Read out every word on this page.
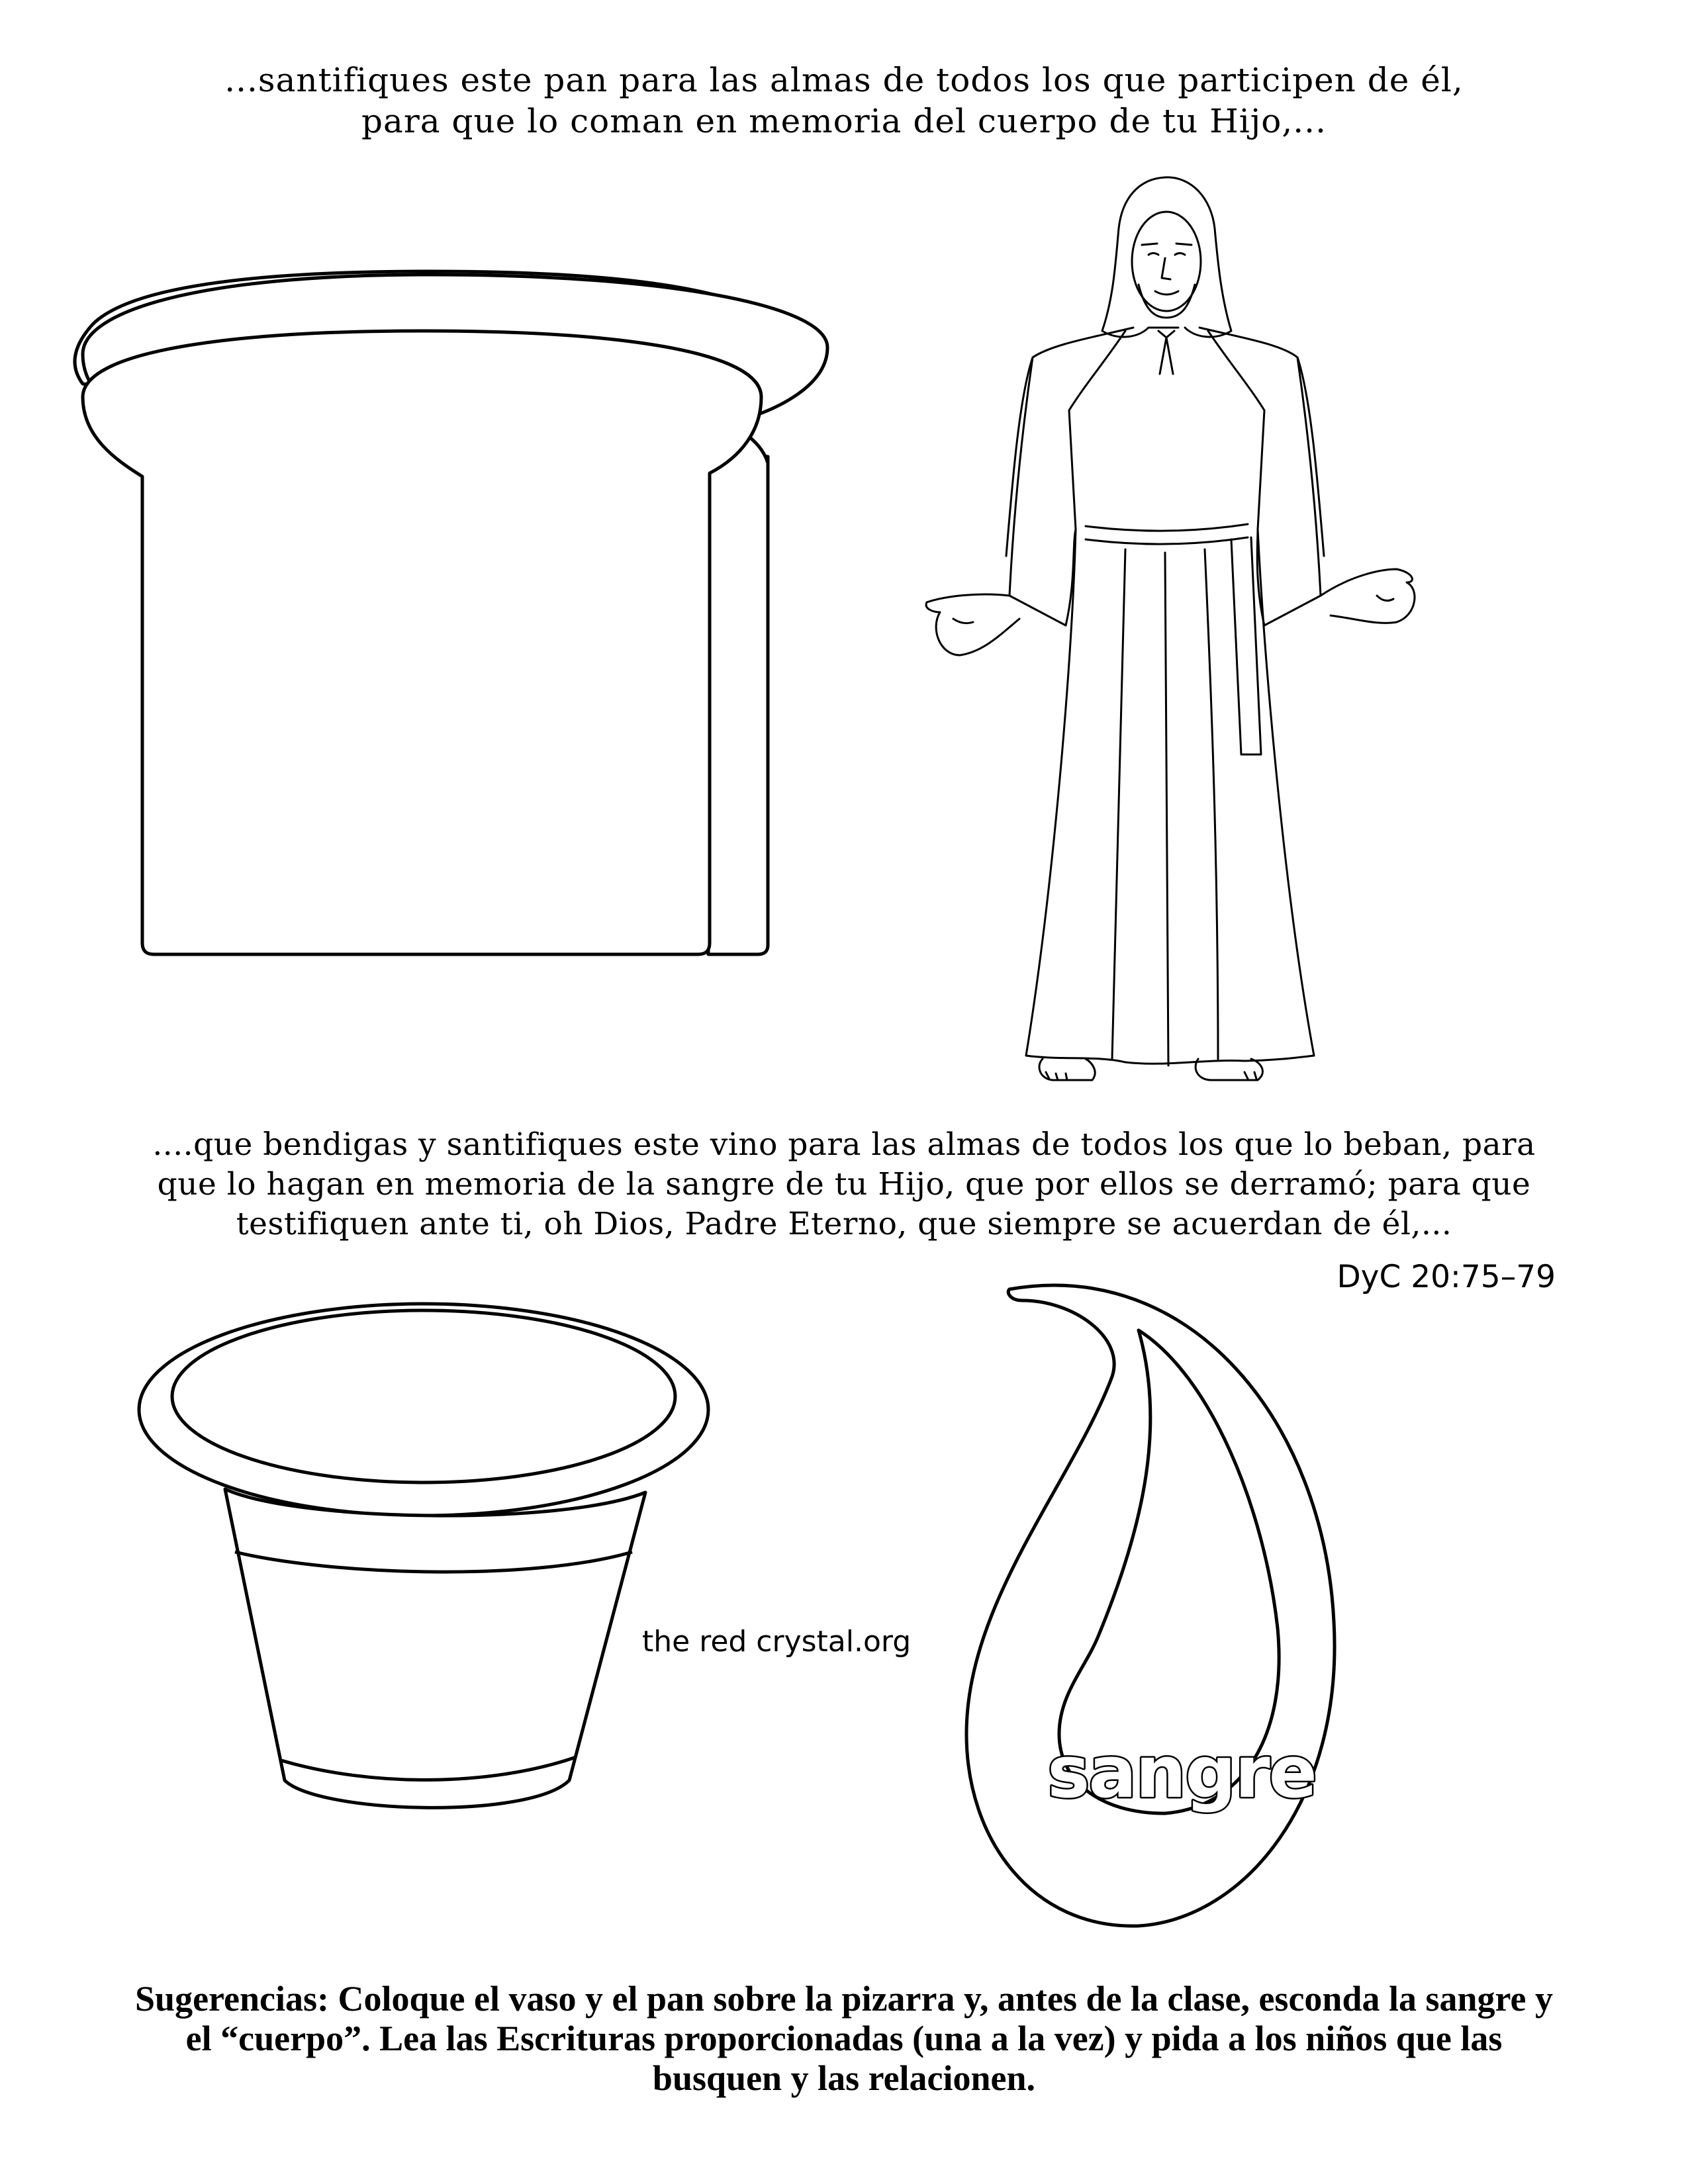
...santifiques este pan para las almas de todos los que participen de él,
para que lo coman en memoria del cuerpo de tu Hijo,...
sangre
....que bendigas y santifiques este vino para las almas de todos los que lo beban, para
que lo hagan en memoria de la sangre de tu Hijo, que por ellos se derramó; para que
testifiquen ante ti, oh Dios, Padre Eterno, que siempre se acuerdan de él,...
DyC 20:75–79
the red crystal.org
Sugerencias: Coloque el vaso y el pan sobre la pizarra y, antes de la clase, esconda la sangre y
el “cuerpo”. Lea las Escrituras proporcionadas (una a la vez) y pida a los niños que las
busquen y las relacionen.
